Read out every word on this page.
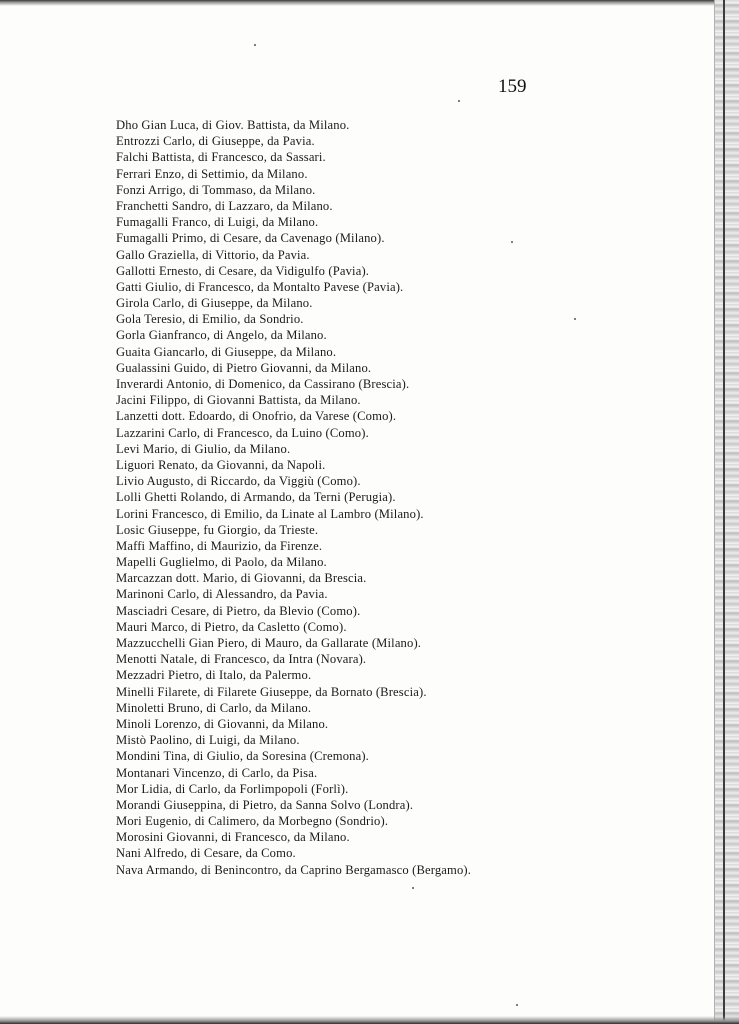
159

Dho Gian Luca, di Giov. Battista, da Milano.
Entrozzi Carlo, di Giuseppe, da Pavia.
Falchi Battista, di Francesco, da Sassari.
Ferrari Enzo, di Settimio, da Milano.
Fonzi Arrigo, di Tommaso, da Milano.
Franchetti Sandro, di Lazzaro, da Milano.
Fumagalli Franco, di Luigi, da Milano.
Fumagalli Primo, di Cesare, da Cavenago (Milano).
Gallo Graziella, di Vittorio, da Pavia.
Gallotti Ernesto, di Cesare, da Vidigulfo (Pavia).
Gatti Giulio, di Francesco, da Montalto Pavese (Pavia).
Girola Carlo, di Giuseppe, da Milano.
Gola Teresio, di Emilio, da Sondrio.
Gorla Gianfranco, di Angelo, da Milano.
Guaita Giancarlo, di Giuseppe, da Milano.
Gualassini Guido, di Pietro Giovanni, da Milano.
Inverardi Antonio, di Domenico, da Cassirano (Brescia).
Jacini Filippo, di Giovanni Battista, da Milano.
Lanzetti dott. Edoardo, di Onofrio, da Varese (Como).
Lazzarini Carlo, di Francesco, da Luino (Como).
Levi Mario, di Giulio, da Milano.
Liguori Renato, da Giovanni, da Napoli.
Livio Augusto, di Riccardo, da Viggiù (Como).
Lolli Ghetti Rolando, di Armando, da Terni (Perugia).
Lorini Francesco, di Emilio, da Linate al Lambro (Milano).
Losic Giuseppe, fu Giorgio, da Trieste.
Maffi Maffino, di Maurizio, da Firenze.
Mapelli Guglielmo, di Paolo, da Milano.
Marcazzan dott. Mario, di Giovanni, da Brescia.
Marinoni Carlo, di Alessandro, da Pavia.
Masciadri Cesare, di Pietro, da Blevio (Como).
Mauri Marco, di Pietro, da Casletto (Como).
Mazzucchelli Gian Piero, di Mauro, da Gallarate (Milano).
Menotti Natale, di Francesco, da Intra (Novara).
Mezzadri Pietro, di Italo, da Palermo.
Minelli Filarete, di Filarete Giuseppe, da Bornato (Brescia).
Minoletti Bruno, di Carlo, da Milano.
Minoli Lorenzo, di Giovanni, da Milano.
Mistò Paolino, di Luigi, da Milano.
Mondini Tina, di Giulio, da Soresina (Cremona).
Montanari Vincenzo, di Carlo, da Pisa.
Mor Lidia, di Carlo, da Forlimpopoli (Forlì).
Morandi Giuseppina, di Pietro, da Sanna Solvo (Londra).
Mori Eugenio, di Calimero, da Morbegno (Sondrio).
Morosini Giovanni, di Francesco, da Milano.
Nani Alfredo, di Cesare, da Como.
Nava Armando, di Benincontro, da Caprino Bergamasco (Bergamo).
